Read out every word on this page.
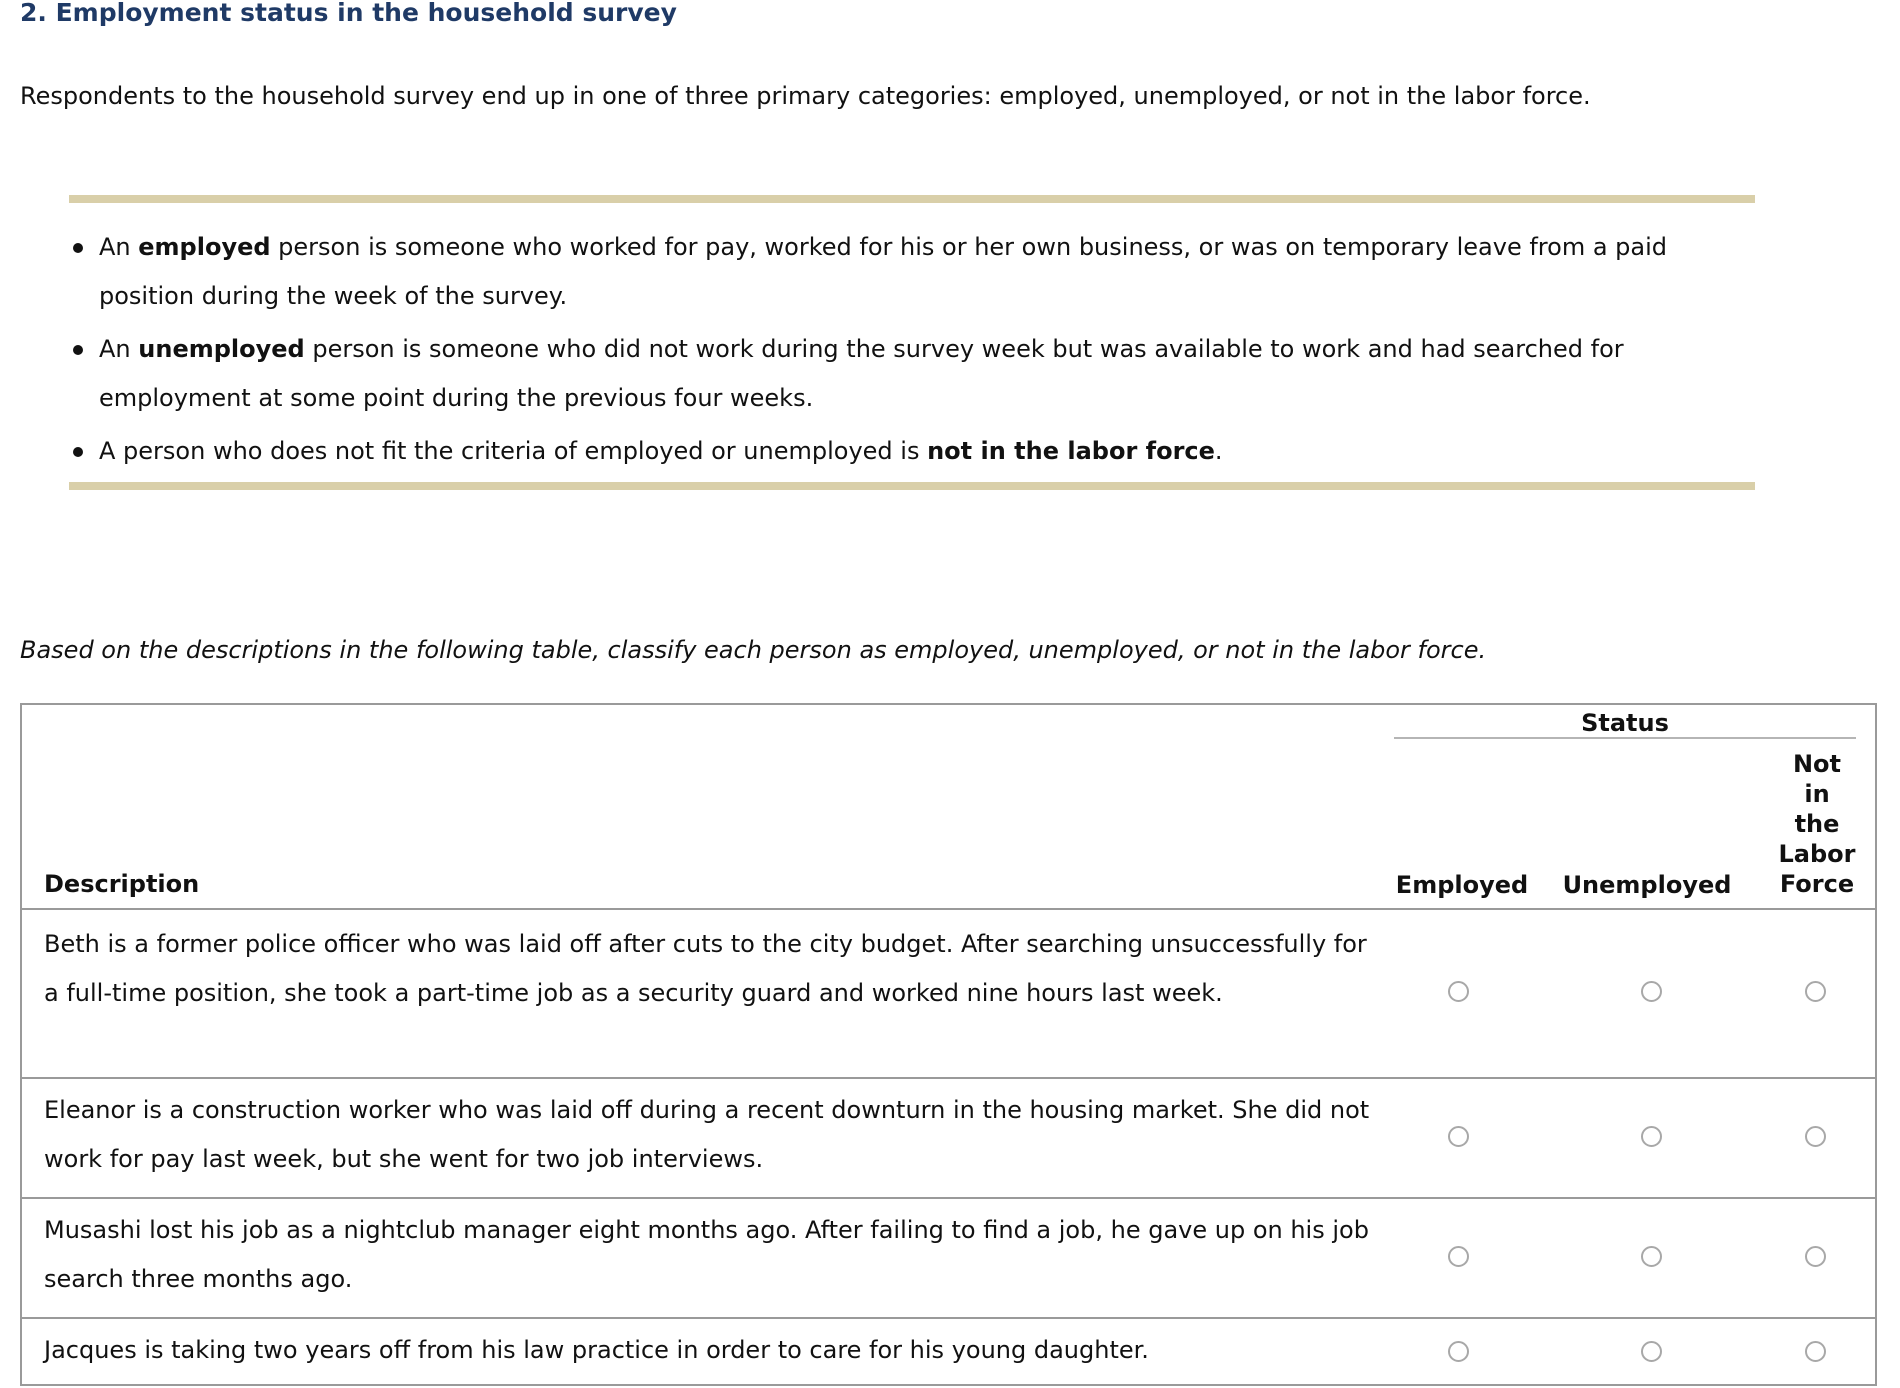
2. Employment status in the household survey

Respondents to the household survey end up in one of three primary categories: employed, unemployed, or not in the labor force.

An employed person is someone who worked for pay, worked for his or her own business, or was on temporary leave from a paid position during the week of the survey.
An unemployed person is someone who did not work during the survey week but was available to work and had searched for employment at some point during the previous four weeks.
A person who does not fit the criteria of employed or unemployed is not in the labor force.

Based on the descriptions in the following table, classify each person as employed, unemployed, or not in the labor force.

Status
Description	Employed Unemployed
Not
in
the
Labor
Force
Beth is a former police officer who was laid off after cuts to the city budget. After searching unsuccessfully for a full-time position, she took a part-time job as a security guard and worked nine hours last week.
Eleanor is a construction worker who was laid off during a recent downturn in the housing market. She did not work for pay last week, but she went for two job interviews.
Musashi lost his job as a nightclub manager eight months ago. After failing to find a job, he gave up on his job search three months ago.
Jacques is taking two years off from his law practice in order to care for his young daughter.
